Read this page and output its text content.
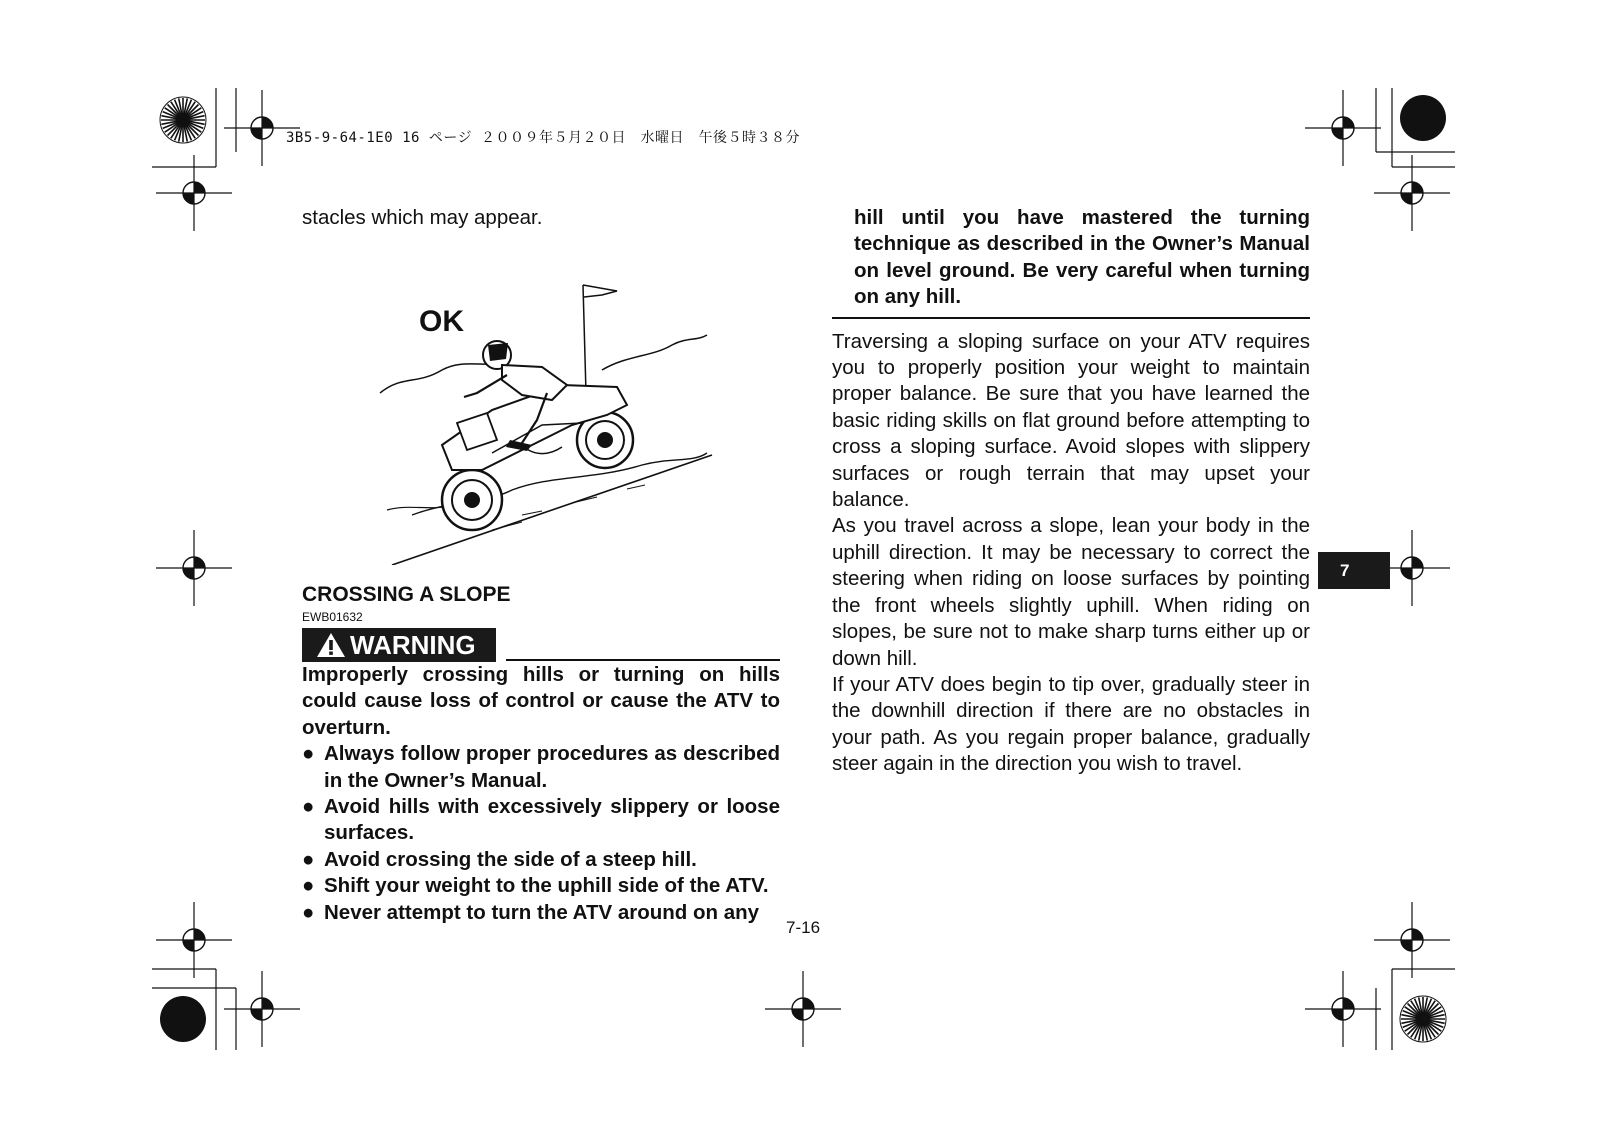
3B5-9-64-1E0 16 ページ ２００９年５月２０日　水曜日　午後５時３８分

stacles which may appear.

OK
CROSSING A SLOPE
EWB01632
WARNING

Improperly crossing hills or turning on hills could cause loss of control or cause the ATV to overturn.

● Always follow proper procedures as described in the Owner’s Manual.
● Avoid hills with excessively slippery or loose surfaces.
● Avoid crossing the side of a steep hill.
● Shift your weight to the uphill side of the ATV.
● Never attempt to turn the ATV around on any

hill until you have mastered the turning technique as described in the Owner’s Manual on level ground. Be very careful when turning on any hill.

Traversing a sloping surface on your ATV requires you to properly position your weight to maintain proper balance. Be sure that you have learned the basic riding skills on flat ground before attempting to cross a sloping surface. Avoid slopes with slippery surfaces or rough terrain that may upset your balance.

As you travel across a slope, lean your body in the uphill direction. It may be necessary to correct the steering when riding on loose surfaces by pointing the front wheels slightly uphill. When riding on slopes, be sure not to make sharp turns either up or down hill.

If your ATV does begin to tip over, gradually steer in the downhill direction if there are no obstacles in your path. As you regain proper balance, gradually steer again in the direction you wish to travel.

7-16
7
